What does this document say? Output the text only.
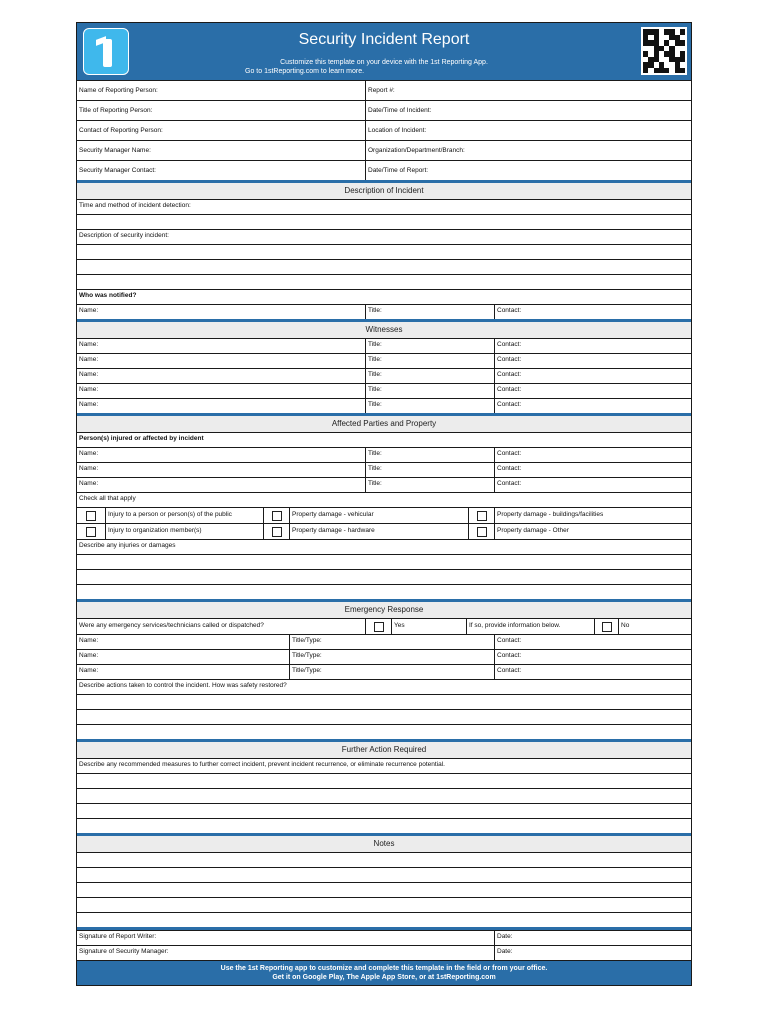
Security Incident Report
Customize this template on your device with the 1st Reporting App.
Go to 1stReporting.com to learn more.
Name of Reporting Person:	Report #:
Title of Reporting Person:	Date/Time of Incident:
Contact of Reporting Person:	Location of Incident:
Security Manager Name:	Organization/Department/Branch:
Security Manager Contact:	Date/Time of Report:
Description of Incident
Time and method of incident detection:
Description of security incident:
Who was notified?
Name:	Title:	Contact:
Witnesses
Name:	Title:	Contact:
Name:	Title:	Contact:
Name:	Title:	Contact:
Name:	Title:	Contact:
Name:	Title:	Contact:
Affected Parties and Property
Person(s) injured or affected by incident
Name:	Title:	Contact:
Name:	Title:	Contact:
Name:	Title:	Contact:
Check all that apply
Injury to a person or person(s) of the public	Property damage - vehicular	Property damage - buildings/facilities
Injury to organization member(s)	Property damage - hardware	Property damage - Other
Describe any injuries or damages
Emergency Response
Were any emergency services/technicians called or dispatched?	Yes	If so, provide information below.	No
Name:	Title/Type:	Contact:
Name:	Title/Type:	Contact:
Name:	Title/Type:	Contact:
Describe actions taken to control the incident. How was safety restored?
Further Action Required
Describe any recommended measures to further correct incident, prevent incident recurrence, or eliminate recurrence potential.
Notes
Signature of Report Writer:	Date:
Signature of Security Manager:	Date:
Use the 1st Reporting app to customize and complete this template in the field or from your office.
Get it on Google Play, The Apple App Store, or at 1stReporting.com
